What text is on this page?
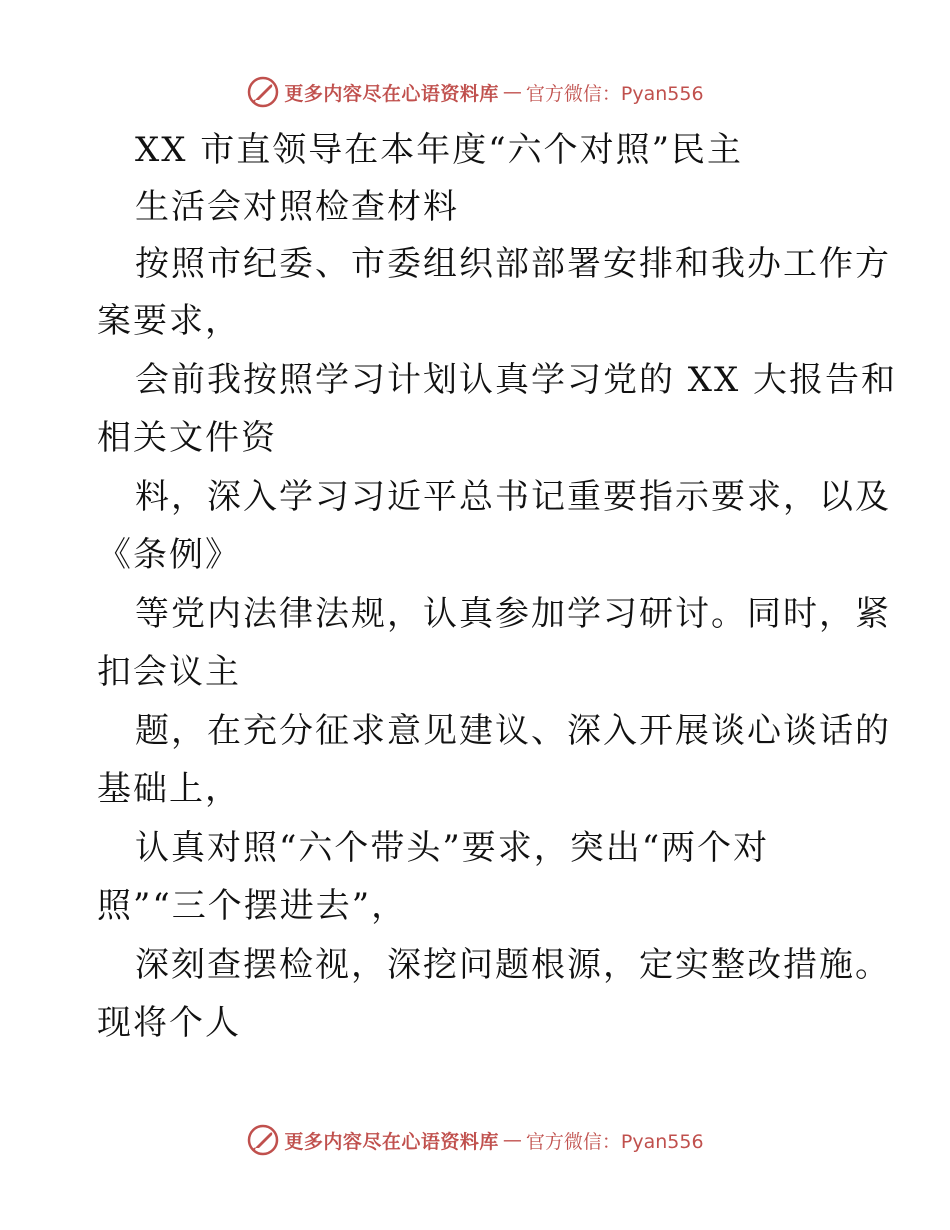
更多内容尽在心语资料库 — 官方微信：Pyan556
XX 市直领导在本年度“六个对照”民主
生活会对照检查材料
按照市纪委、市委组织部部署安排和我办工作方
案要求，
会前我按照学习计划认真学习党的 XX 大报告和
相关文件资
料，深入学习习近平总书记重要指示要求，以及
《条例》
等党内法律法规，认真参加学习研讨。同时，紧
扣会议主
题，在充分征求意见建议、深入开展谈心谈话的
基础上，
认真对照“六个带头”要求，突出“两个对
照”“三个摆进去”，
深刻查摆检视，深挖问题根源，定实整改措施。
现将个人
更多内容尽在心语资料库 — 官方微信：Pyan556
